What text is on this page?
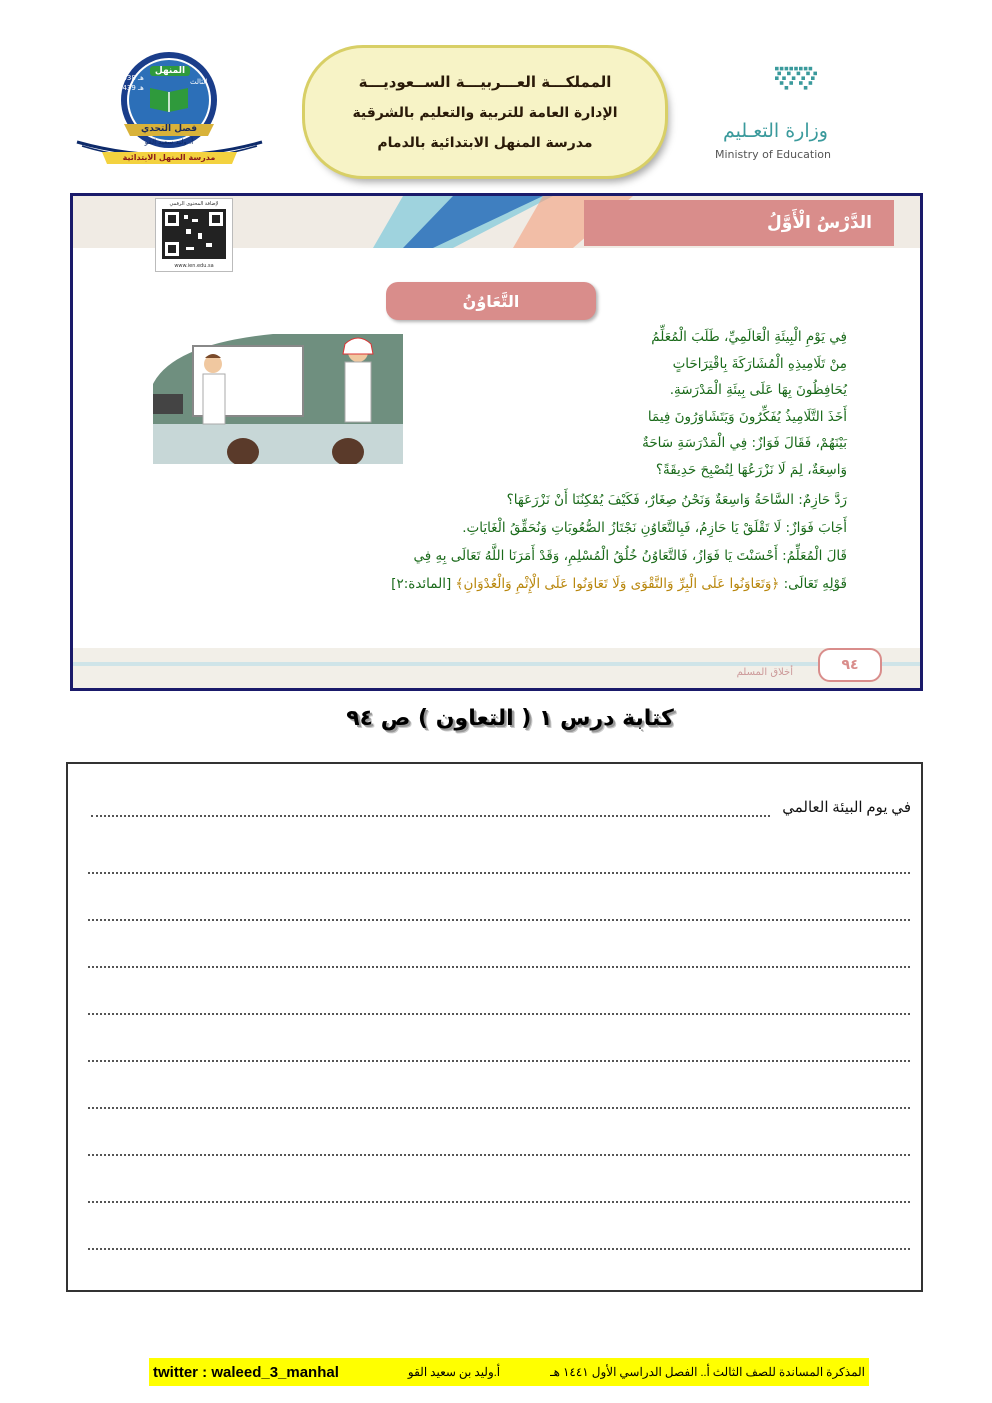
المنهل
1438 هـ
1439 هـ
الثالث
فصل التحدي
أ. وليد سعيد القو
مدرسة المنهل الابتدائية
المملكـــة العـــربيـــة الســعوديـــة
الإدارة العامة للتربية والتعليم بالشرقية
مدرسة المنهل الابتدائية بالدمام
وزارة التعـليم
Ministry of Education
الدَّرْسُ الْأَوَّلُ
لإضافة المحتوى الرقمي
www.ien.edu.sa
التَّعَاوُنُ

فِي يَوْمِ الْبِيئَةِ الْعَالَمِيِّ، طَلَبَ الْمُعَلِّمُ

مِنْ تَلَامِيذِهِ الْمُشَارَكَةَ بِاقْتِرَاحَاتٍ

يُحَافِظُونَ بِهَا عَلَى بِيئَةِ الْمَدْرَسَةِ.

أَخَذَ التَّلَامِيذُ يُفَكِّرُونَ وَيَتَشَاوَرُونَ فِيمَا

بَيْنَهُمْ، فَقَالَ فَوَازٌ: فِي الْمَدْرَسَةِ سَاحَةٌ

وَاسِعَةٌ، لِمَ لَا نَزْرَعُهَا لِتُصْبِحَ حَدِيقَةً؟

رَدَّ حَازِمٌ: السَّاحَةُ وَاسِعَةٌ وَنَحْنُ صِغَارٌ، فَكَيْفَ يُمْكِنُنَا أَنْ نَزْرَعَهَا؟

أَجَابَ فَوَازٌ: لَا تَقْلَقْ يَا حَازِمُ، فَبِالتَّعَاوُنِ نَجْتَازُ الصُّعُوبَاتِ وَنُحَقِّقُ الْغَايَاتِ.

قَالَ الْمُعَلِّمُ: أَحْسَنْتَ يَا فَوَازُ، فَالتَّعَاوُنُ خُلُقُ الْمُسْلِمِ، وَقَدْ أَمَرَنَا اللَّهُ تَعَالَى بِهِ فِي

قَوْلِهِ تَعَالَى: ﴿وَتَعَاوَنُوا عَلَى الْبِرِّ وَالتَّقْوَى وَلَا تَعَاوَنُوا عَلَى الْإِثْمِ وَالْعُدْوَانِ﴾ [المائدة:٢]

أخلاق المسلم	٩٤
كتابة درس ١ ( التعاون ) ص ٩٤
في يوم البيئة العالمي
المذكرة المساندة للصف الثالث أ.. الفصل الدراسي الأول ١٤٤١ هـ
أ.وليد بن سعيد القو
twitter : waleed_3_manhal
